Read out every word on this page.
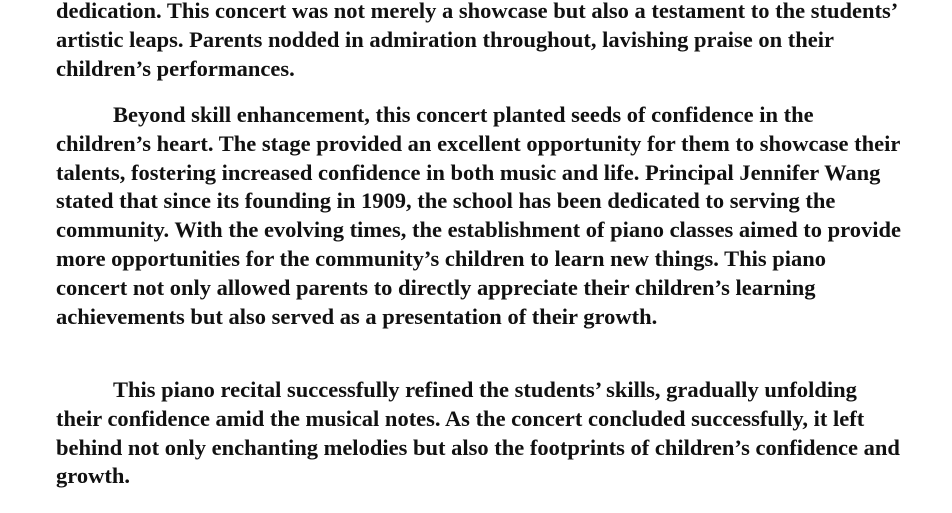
dedication. This concert was not merely a showcase but also a testament to the students’ artistic leaps. Parents nodded in admiration throughout, lavishing praise on their children’s performances.

Beyond skill enhancement, this concert planted seeds of confidence in the children’s heart. The stage provided an excellent opportunity for them to showcase their talents, fostering increased confidence in both music and life. Principal Jennifer Wang stated that since its founding in 1909, the school has been dedicated to serving the community. With the evolving times, the establishment of piano classes aimed to provide more opportunities for the community’s children to learn new things. This piano concert not only allowed parents to directly appreciate their children’s learning achievements but also served as a presentation of their growth.

This piano recital successfully refined the students’ skills, gradually unfolding their confidence amid the musical notes. As the concert concluded successfully, it left behind not only enchanting melodies but also the footprints of children’s confidence and growth.
